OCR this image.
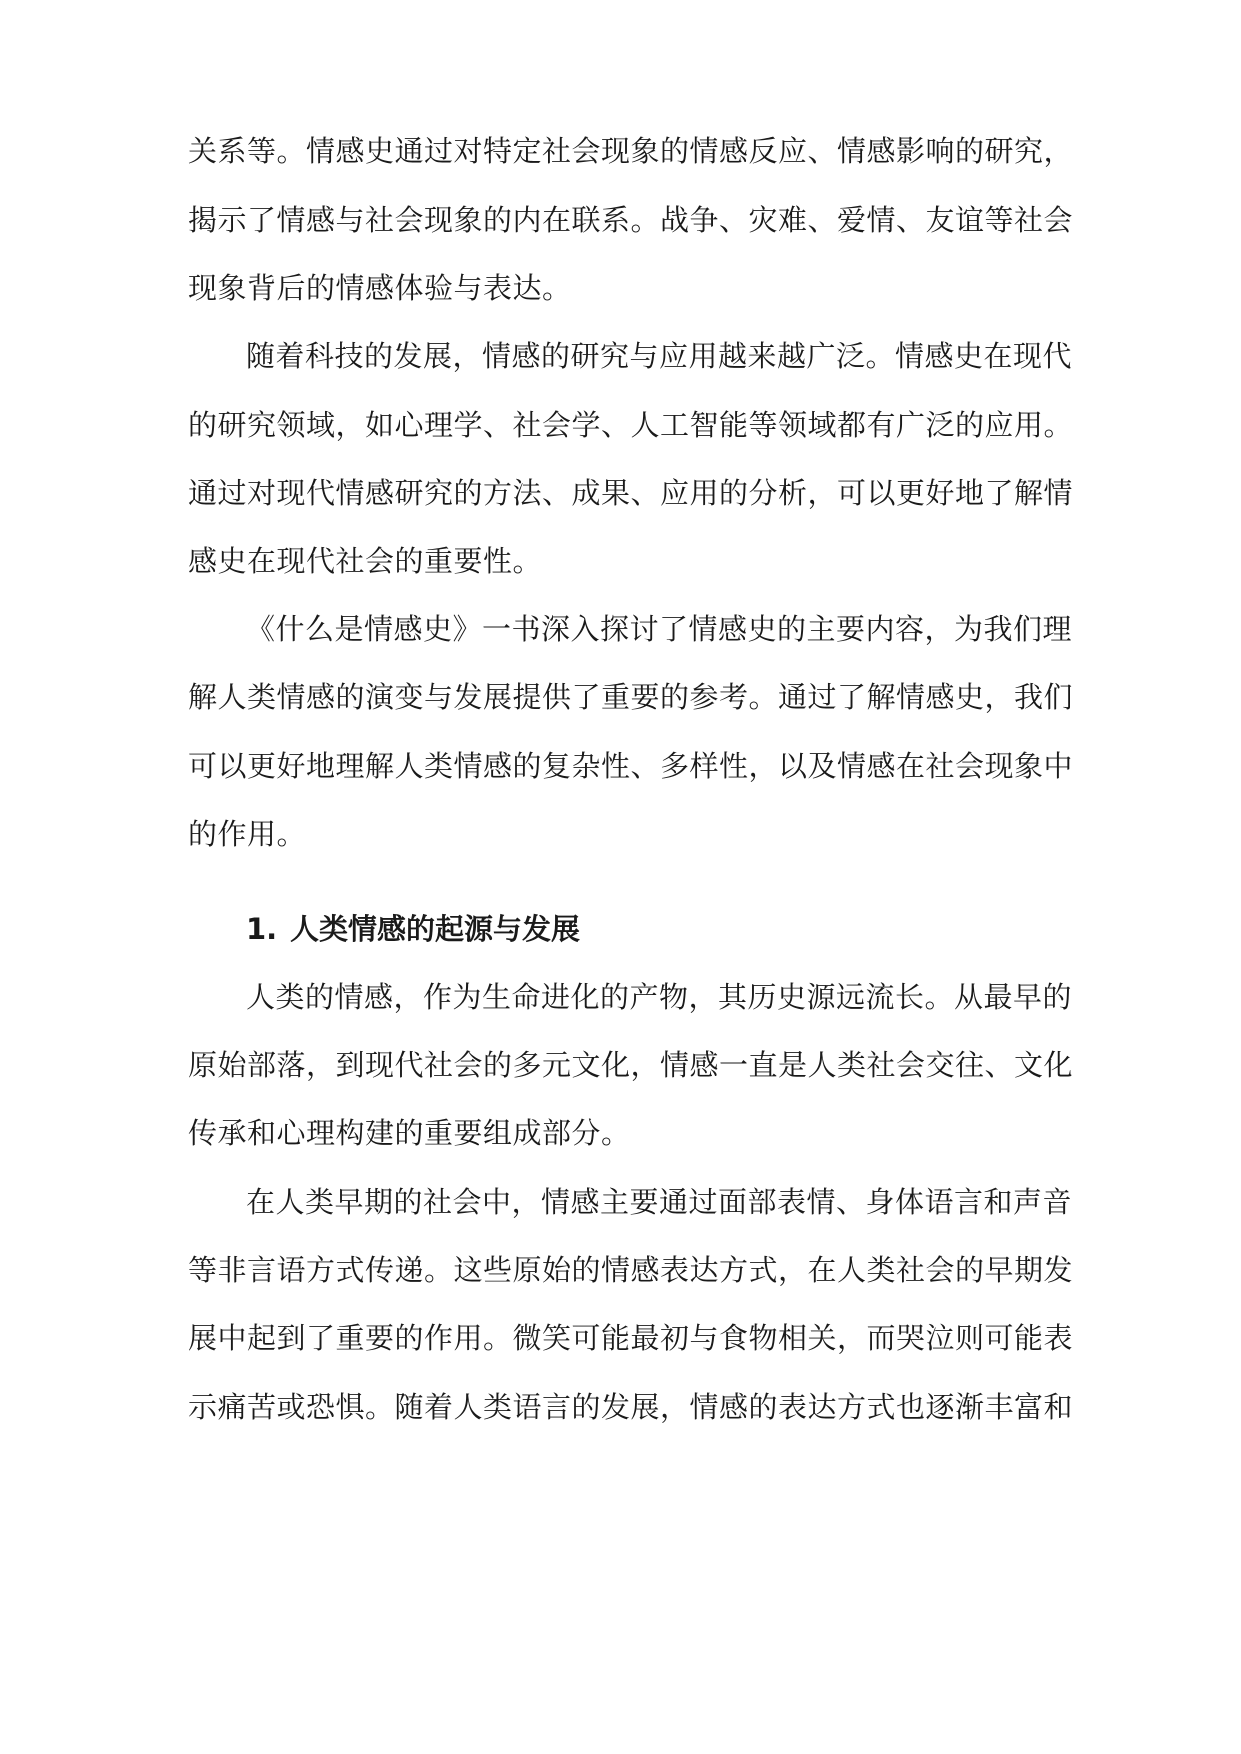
关系等。情感史通过对特定社会现象的情感反应、情感影响的研究，
揭示了情感与社会现象的内在联系。战争、灾难、爱情、友谊等社会
现象背后的情感体验与表达。
随着科技的发展，情感的研究与应用越来越广泛。情感史在现代
的研究领域，如心理学、社会学、人工智能等领域都有广泛的应用。
通过对现代情感研究的方法、成果、应用的分析，可以更好地了解情
感史在现代社会的重要性。
《什么是情感史》一书深入探讨了情感史的主要内容，为我们理
解人类情感的演变与发展提供了重要的参考。通过了解情感史，我们
可以更好地理解人类情感的复杂性、多样性，以及情感在社会现象中
的作用。
1. 人类情感的起源与发展
人类的情感，作为生命进化的产物，其历史源远流长。从最早的
原始部落，到现代社会的多元文化，情感一直是人类社会交往、文化
传承和心理构建的重要组成部分。
在人类早期的社会中，情感主要通过面部表情、身体语言和声音
等非言语方式传递。这些原始的情感表达方式，在人类社会的早期发
展中起到了重要的作用。微笑可能最初与食物相关，而哭泣则可能表
示痛苦或恐惧。随着人类语言的发展，情感的表达方式也逐渐丰富和
